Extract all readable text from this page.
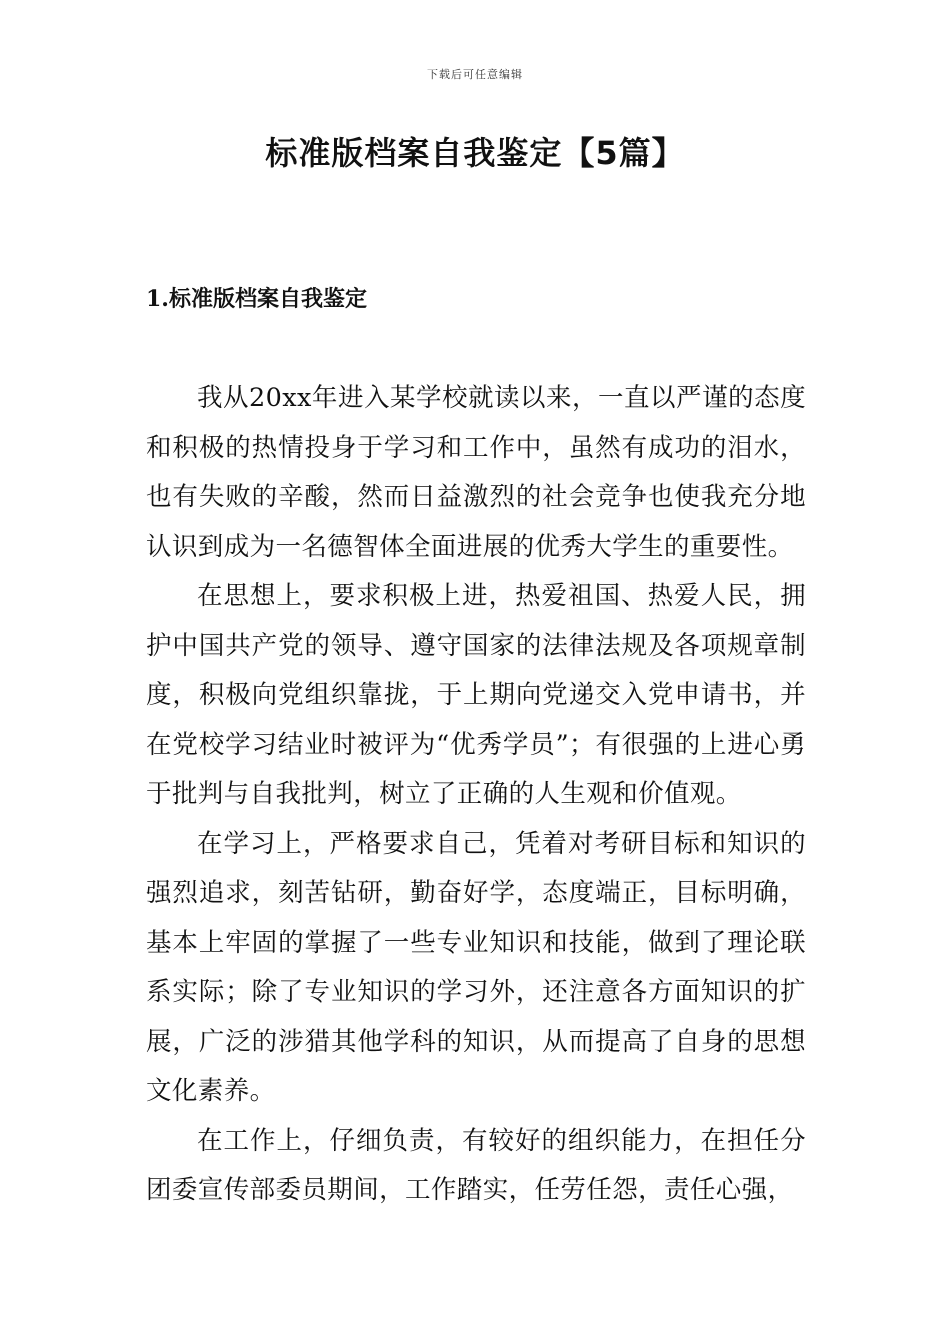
下载后可任意编辑
标准版档案自我鉴定【5篇】
1.标准版档案自我鉴定

我从20xx年进入某学校就读以来，一直以严谨的态度和积极的热情投身于学习和工作中，虽然有成功的泪水，也有失败的辛酸，然而日益激烈的社会竞争也使我充分地认识到成为一名德智体全面进展的优秀大学生的重要性。

在思想上，要求积极上进，热爱祖国、热爱人民，拥护中国共产党的领导、遵守国家的法律法规及各项规章制度，积极向党组织靠拢，于上期向党递交入党申请书，并在党校学习结业时被评为“优秀学员”；有很强的上进心勇于批判与自我批判，树立了正确的人生观和价值观。

在学习上，严格要求自己，凭着对考研目标和知识的强烈追求，刻苦钻研，勤奋好学，态度端正，目标明确，基本上牢固的掌握了一些专业知识和技能，做到了理论联系实际；除了专业知识的学习外，还注意各方面知识的扩展，广泛的涉猎其他学科的知识，从而提高了自身的思想文化素养。

在工作上，仔细负责，有较好的组织能力，在担任分团委宣传部委员期间，工作踏实，任劳任怨，责任心强，
